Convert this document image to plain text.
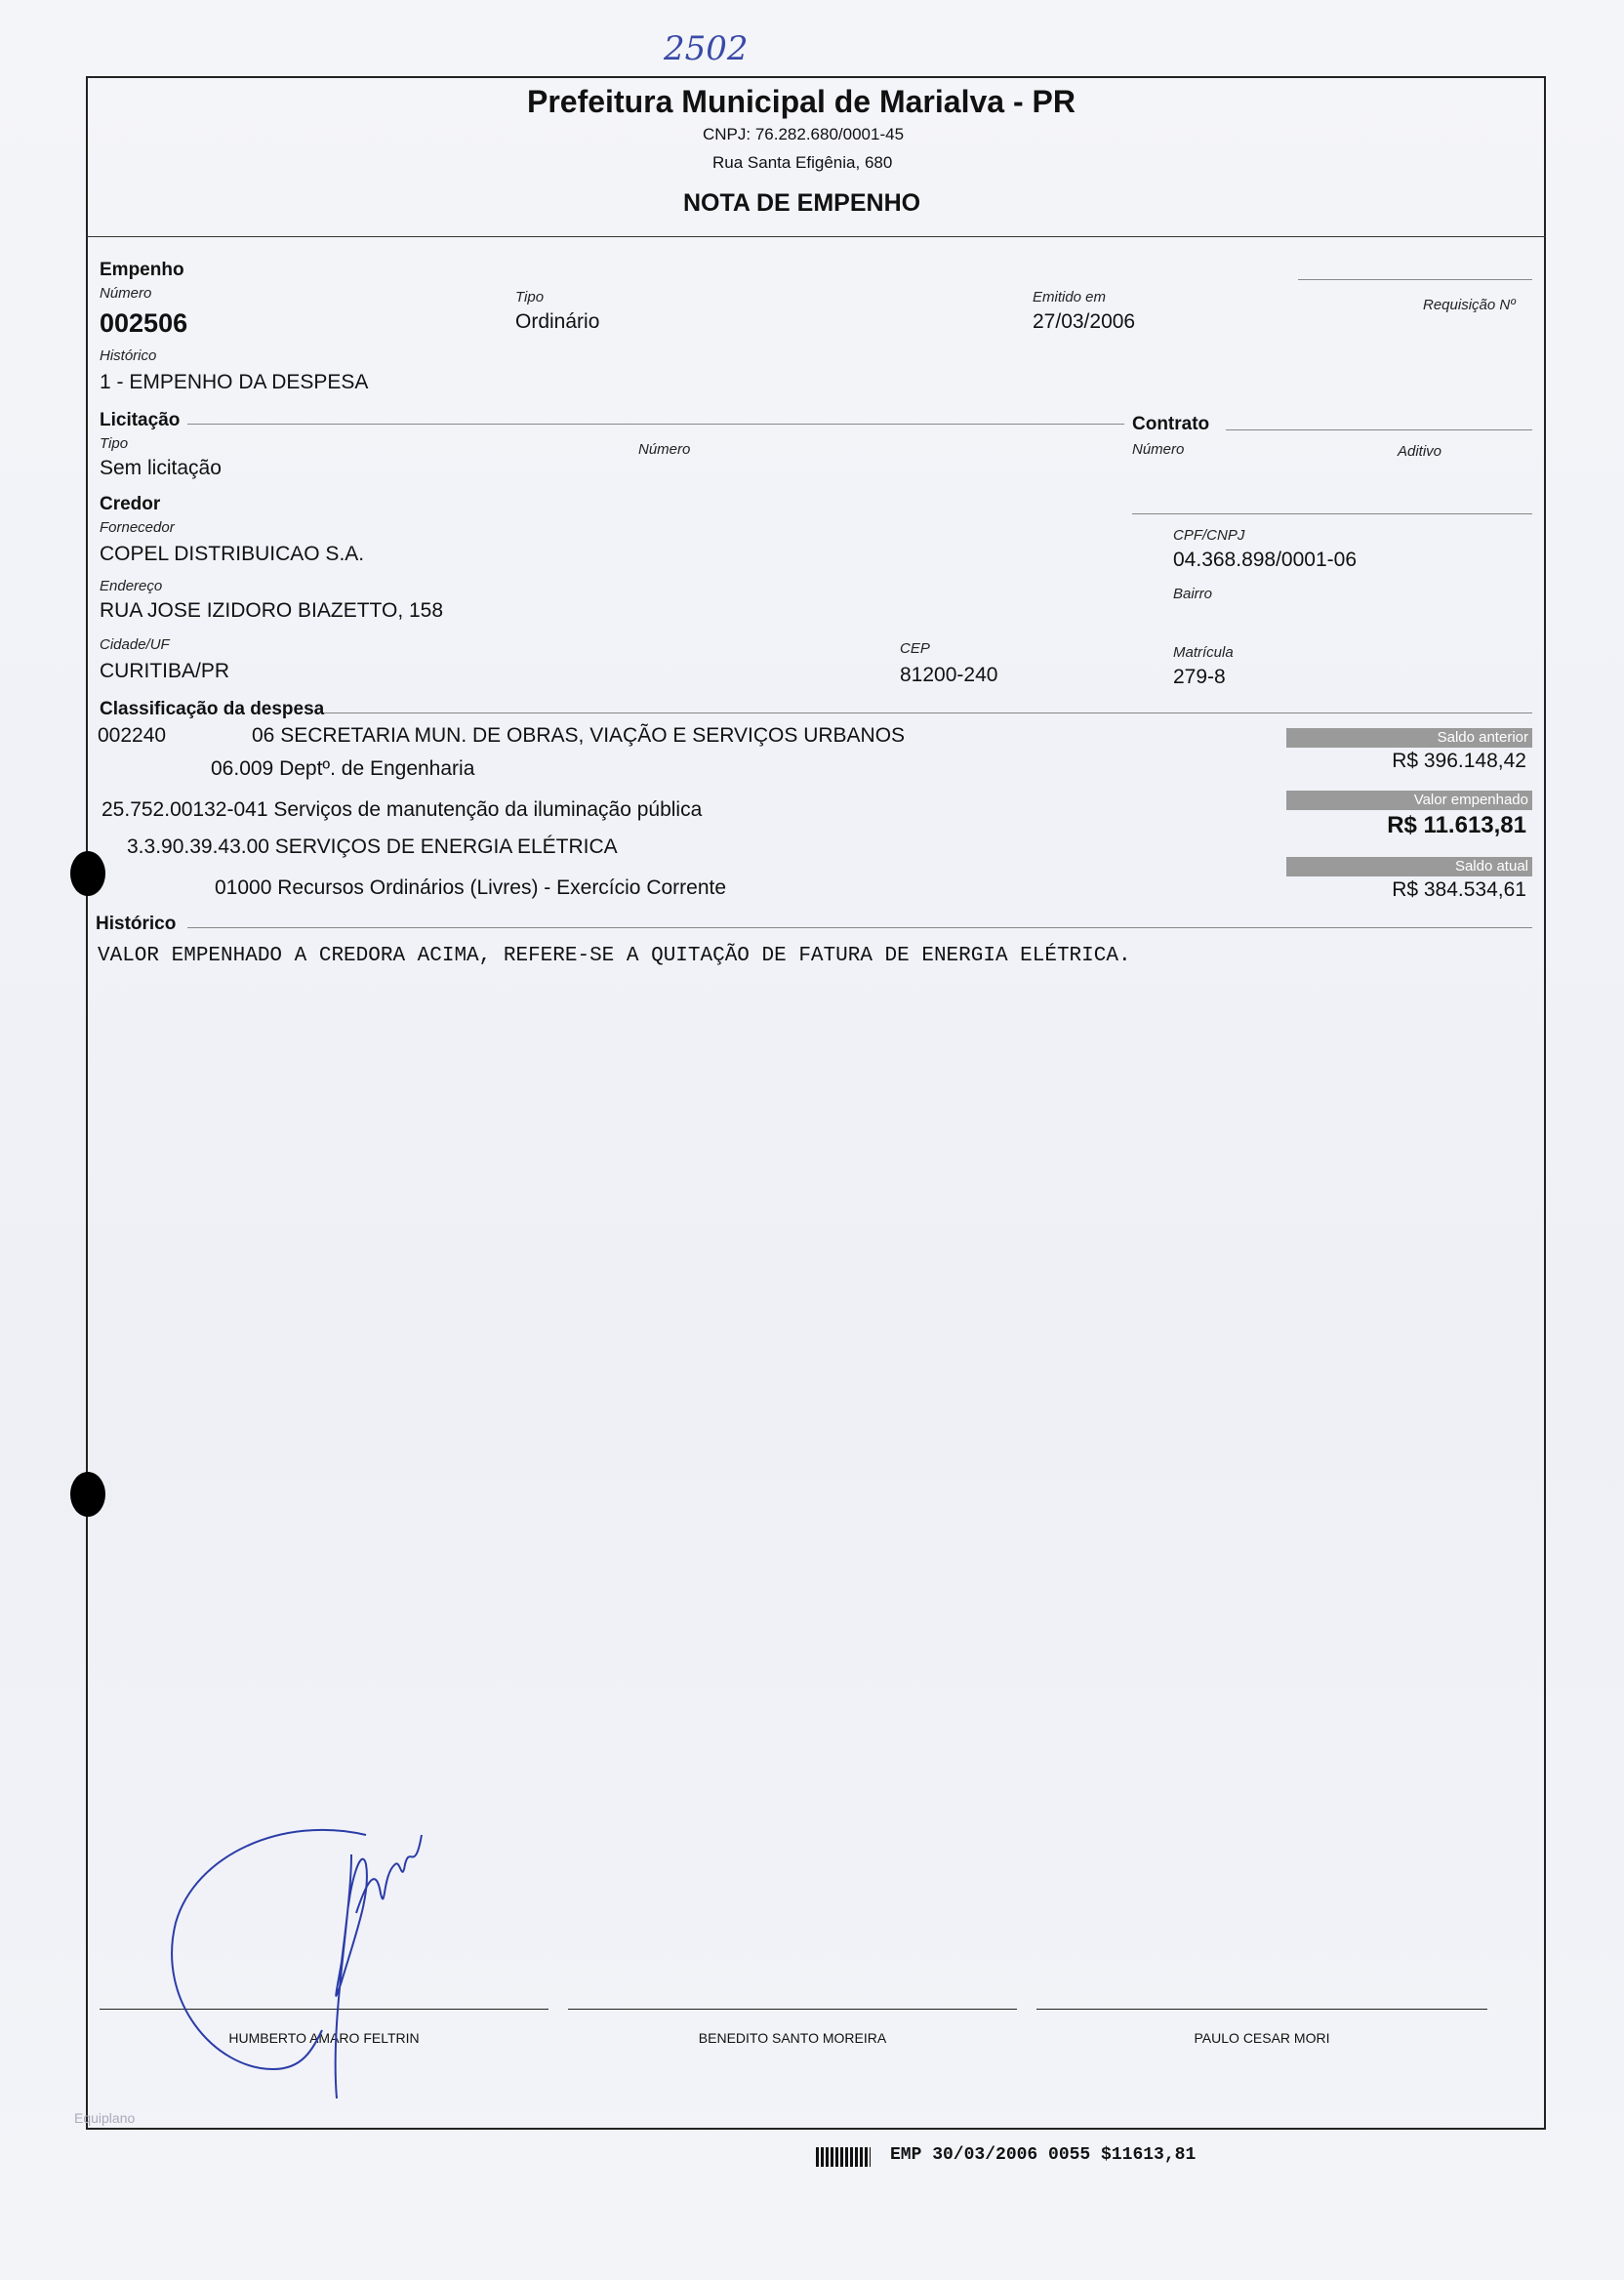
2502
Prefeitura Municipal de Marialva - PR
CNPJ: 76.282.680/0001-45
Rua Santa Efigênia, 680
NOTA DE EMPENHO
Empenho
Número
002506
Tipo
Ordinário
Emitido em
27/03/2006
Requisição Nº
Histórico
1 - EMPENHO DA DESPESA
Licitação	Contrato
Tipo
Sem licitação
Número	Número	Aditivo
Credor
Fornecedor
COPEL DISTRIBUICAO S.A.
CPF/CNPJ
04.368.898/0001-06
Endereço
RUA JOSE IZIDORO BIAZETTO, 158
Bairro
Cidade/UF
CURITIBA/PR
CEP
81200-240
Matrícula
279-8
Classificação da despesa
002240	06 SECRETARIA MUN. DE OBRAS, VIAÇÃO E SERVIÇOS URBANOS
06.009 Deptº. de Engenharia
25.752.00132-041 Serviços de manutenção da iluminação pública
3.3.90.39.43.00 SERVIÇOS DE ENERGIA ELÉTRICA
01000 Recursos Ordinários (Livres) - Exercício Corrente
Saldo anterior
R$ 396.148,42
Valor empenhado
R$ 11.613,81
Saldo atual
R$ 384.534,61
Histórico
VALOR EMPENHADO A CREDORA ACIMA, REFERE-SE A QUITAÇÃO DE FATURA DE ENERGIA ELÉTRICA.
HUMBERTO AMARO FELTRIN	BENEDITO SANTO MOREIRA	PAULO CESAR MORI
Equiplano
EMP 30/03/2006 0055 $11613,81
